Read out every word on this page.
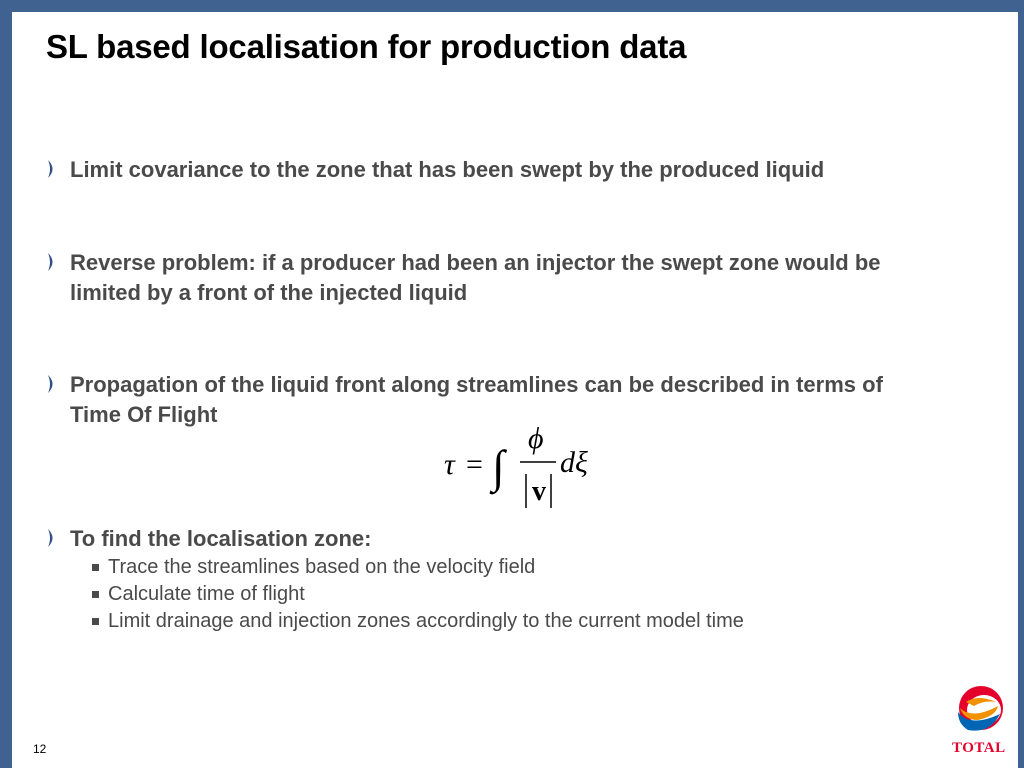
SL based localisation for production data
Limit covariance to the zone that has been swept by the produced liquid
Reverse problem: if a producer had been an injector the swept zone would be limited by a front of the injected liquid
Propagation of the liquid front along streamlines can be described in terms of Time Of Flight
τ = ∫
ϕ
v
dξ
To find the localisation zone:
Trace the streamlines based on the velocity field
Calculate time of flight
Limit drainage and injection zones accordingly to the current model time
12	TOTAL
